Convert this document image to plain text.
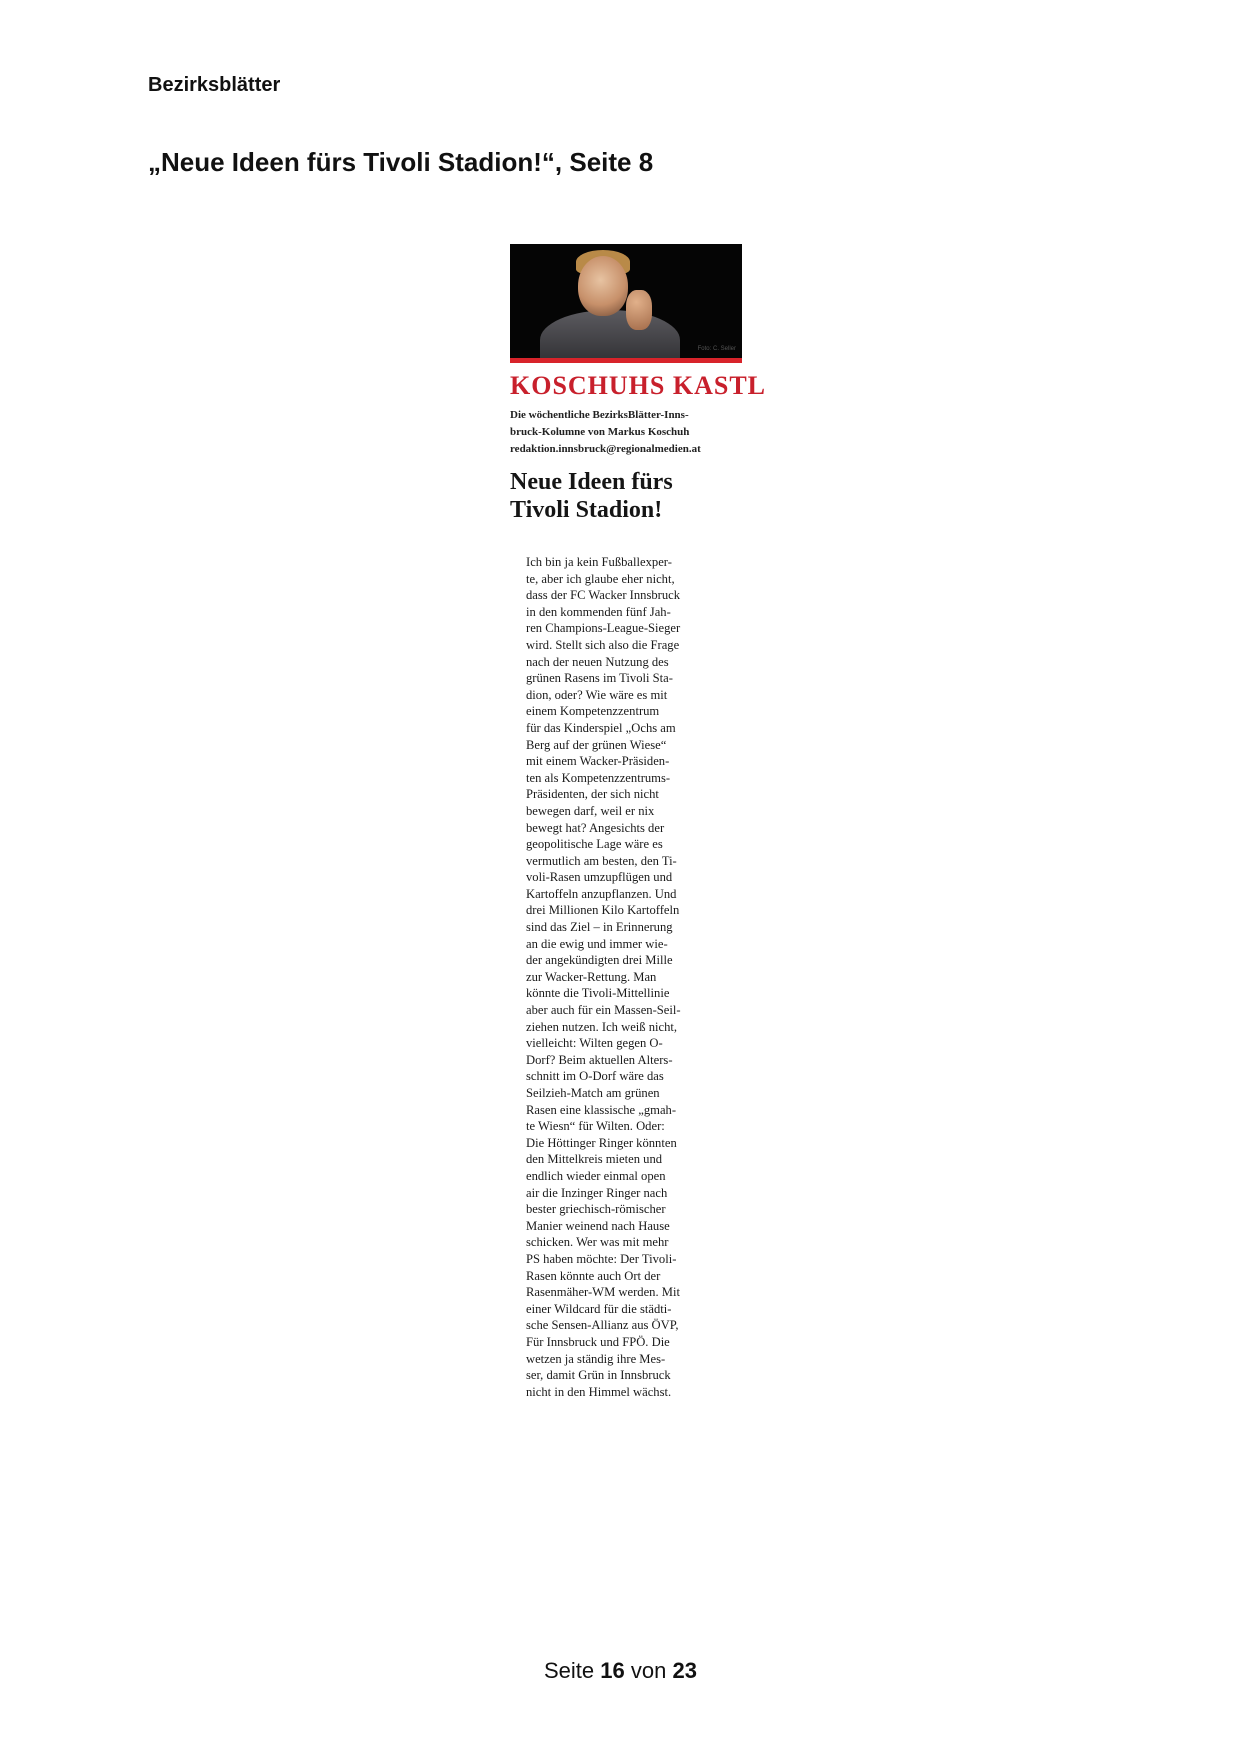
Bezirksblätter
„Neue Ideen fürs Tivoli Stadion!“, Seite 8
Foto: C. Seller
KOSCHUHS KASTL
Die wöchentliche BezirksBlätter-Inns-
bruck-Kolumne von Markus Koschuh
redaktion.innsbruck@regionalmedien.at
Neue Ideen fürs
Tivoli Stadion!
Ich bin ja kein Fußballexper-
te, aber ich glaube eher nicht,
dass der FC Wacker Innsbruck
in den kommenden fünf Jah-
ren Champions-League-Sieger
wird. Stellt sich also die Frage
nach der neuen Nutzung des
grünen Rasens im Tivoli Sta-
dion, oder? Wie wäre es mit
einem Kompetenzzentrum
für das Kinderspiel „Ochs am
Berg auf der grünen Wiese“
mit einem Wacker-Präsiden-
ten als Kompetenzzentrums-
Präsidenten, der sich nicht
bewegen darf, weil er nix
bewegt hat? Angesichts der
geopolitische Lage wäre es
vermutlich am besten, den Ti-
voli-Rasen umzupflügen und
Kartoffeln anzupflanzen. Und
drei Millionen Kilo Kartoffeln
sind das Ziel – in Erinnerung
an die ewig und immer wie-
der angekündigten drei Mille
zur Wacker-Rettung. Man
könnte die Tivoli-Mittellinie
aber auch für ein Massen-Seil-
ziehen nutzen. Ich weiß nicht,
vielleicht: Wilten gegen O-
Dorf? Beim aktuellen Alters-
schnitt im O-Dorf wäre das
Seilzieh-Match am grünen
Rasen eine klassische „gmah-
te Wiesn“ für Wilten. Oder:
Die Höttinger Ringer könnten
den Mittelkreis mieten und
endlich wieder einmal open
air die Inzinger Ringer nach
bester griechisch-römischer
Manier weinend nach Hause
schicken. Wer was mit mehr
PS haben möchte: Der Tivoli-
Rasen könnte auch Ort der
Rasenmäher-WM werden. Mit
einer Wildcard für die städti-
sche Sensen-Allianz aus ÖVP,
Für Innsbruck und FPÖ. Die
wetzen ja ständig ihre Mes-
ser, damit Grün in Innsbruck
nicht in den Himmel wächst.
Seite 16 von 23
